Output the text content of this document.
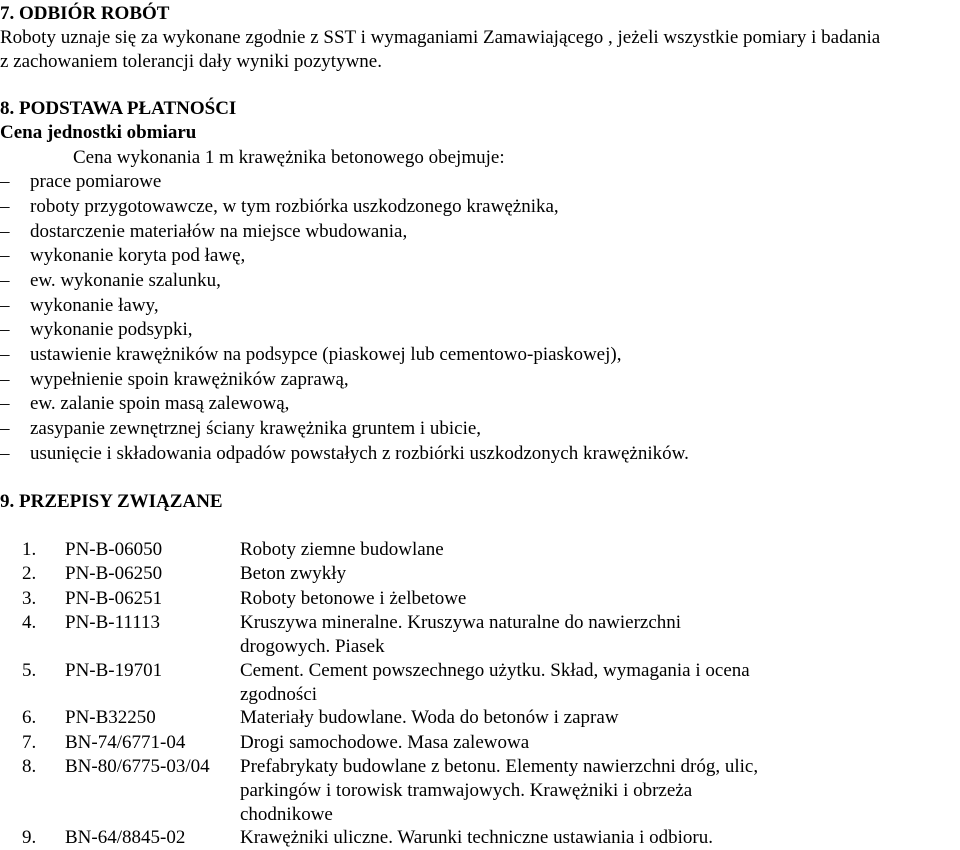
7. ODBIÓR ROBÓT
Roboty uznaje się za wykonane zgodnie z SST i wymaganiami Zamawiającego , jeżeli wszystkie pomiary i badania
z zachowaniem tolerancji dały wyniki pozytywne.
8. PODSTAWA PŁATNOŚCI
Cena jednostki obmiaru
Cena wykonania 1 m krawężnika betonowego obejmuje:
–	prace pomiarowe
–	roboty przygotowawcze, w tym rozbiórka uszkodzonego krawężnika,
–	dostarczenie materiałów na miejsce wbudowania,
–	wykonanie koryta pod ławę,
–	ew. wykonanie szalunku,
–	wykonanie ławy,
–	wykonanie podsypki,
–	ustawienie krawężników na podsypce (piaskowej lub cementowo-piaskowej),
–	wypełnienie spoin krawężników zaprawą,
–	ew. zalanie spoin masą zalewową,
–	zasypanie zewnętrznej ściany krawężnika gruntem i ubicie,
–	usunięcie i składowania odpadów powstałych z rozbiórki uszkodzonych krawężników.
9. PRZEPISY ZWIĄZANE
1. PN-B-06050	Roboty ziemne budowlane
2. PN-B-06250	Beton zwykły
3. PN-B-06251	Roboty betonowe i żelbetowe
4. PN-B-11113	Kruszywa mineralne. Kruszywa naturalne do nawierzchni drogowych. Piasek
5. PN-B-19701	Cement. Cement powszechnego użytku. Skład, wymagania i ocena zgodności
6. PN-B32250	Materiały budowlane. Woda do betonów i zapraw
7. BN-74/6771-04	Drogi samochodowe. Masa zalewowa
8. BN-80/6775-03/04 Prefabrykaty budowlane z betonu. Elementy nawierzchni dróg, ulic, parkingów i torowisk tramwajowych. Krawężniki i obrzeża chodnikowe
9. BN-64/8845-02	Krawężniki uliczne. Warunki techniczne ustawiania i odbioru.
